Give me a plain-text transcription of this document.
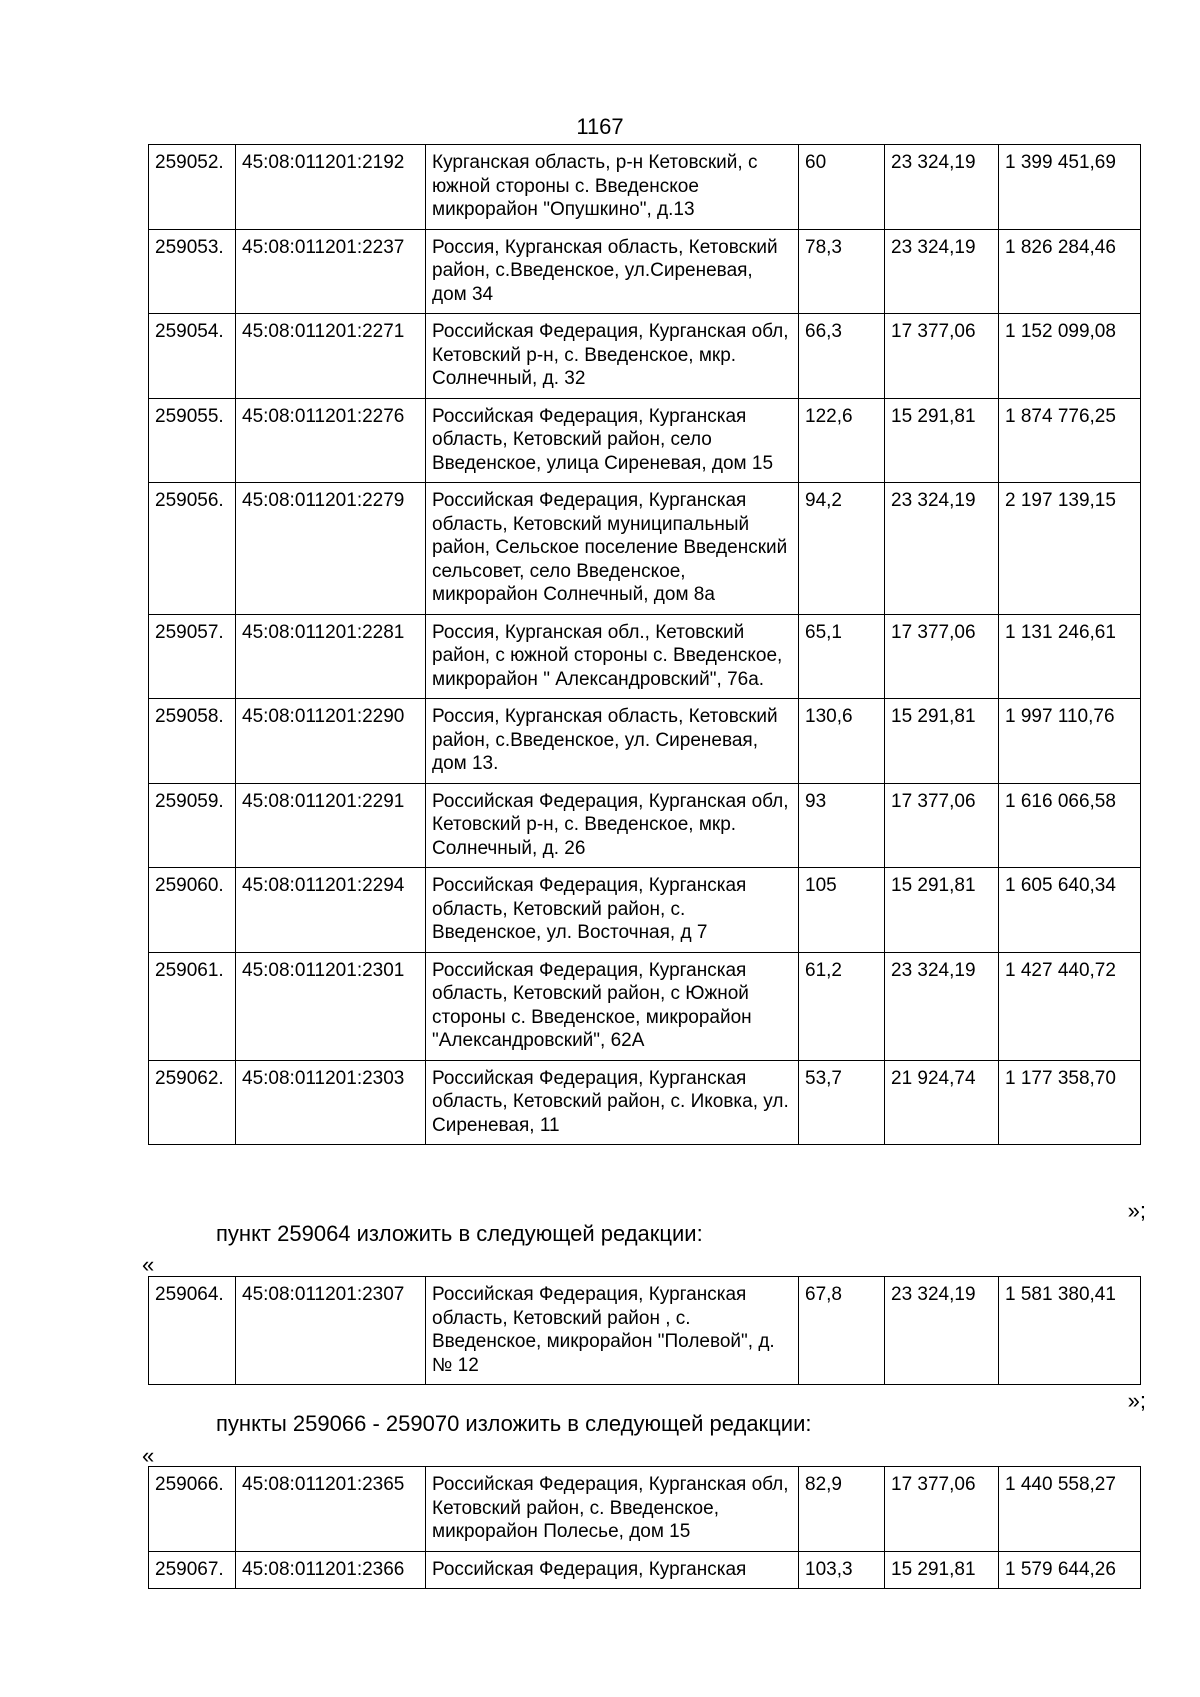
1167
259052.	45:08:011201:2192	Курганская область, р-н Кетовский, с южной стороны с. Введенское микрорайон "Опушкино", д.13	60	23 324,19	1 399 451,69
259053.	45:08:011201:2237	Россия, Курганская область, Кетовский район, с.Введенское, ул.Сиреневая, дом 34	78,3	23 324,19	1 826 284,46
259054.	45:08:011201:2271	Российская Федерация, Курганская обл, Кетовский р-н, с. Введенское, мкр. Солнечный, д. 32	66,3	17 377,06	1 152 099,08
259055.	45:08:011201:2276	Российская Федерация, Курганская область, Кетовский район, село Введенское, улица Сиреневая, дом 15	122,6	15 291,81	1 874 776,25
259056.	45:08:011201:2279	Российская Федерация, Курганская область, Кетовский муниципальный район, Сельское поселение Введенский сельсовет, село Введенское, микрорайон Солнечный, дом 8а	94,2	23 324,19	2 197 139,15
259057.	45:08:011201:2281	Россия, Курганская обл., Кетовский район, с южной стороны с. Введенское, микрорайон " Александровский", 76а.	65,1	17 377,06	1 131 246,61
259058.	45:08:011201:2290	Россия, Курганская область, Кетовский район, с.Введенское, ул. Сиреневая, дом 13.	130,6	15 291,81	1 997 110,76
259059.	45:08:011201:2291	Российская Федерация, Курганская обл, Кетовский р-н, с. Введенское, мкр. Солнечный, д. 26	93	17 377,06	1 616 066,58
259060.	45:08:011201:2294	Российская Федерация, Курганская область, Кетовский район, с. Введенское, ул. Восточная, д 7	105	15 291,81	1 605 640,34
259061.	45:08:011201:2301	Российская Федерация, Курганская область, Кетовский район, с Южной стороны с. Введенское, микрорайон "Александровский", 62А	61,2	23 324,19	1 427 440,72
259062.	45:08:011201:2303	Российская Федерация, Курганская область, Кетовский район, с. Иковка, ул. Сиреневая, 11	53,7	21 924,74	1 177 358,70
»;
пункт 259064 изложить в следующей редакции:
«
259064.	45:08:011201:2307	Российская Федерация, Курганская область, Кетовский район , с. Введенское, микрорайон "Полевой", д. № 12	67,8	23 324,19	1 581 380,41
»;
пункты 259066 - 259070 изложить в следующей редакции:
«
259066.	45:08:011201:2365	Российская Федерация, Курганская обл, Кетовский район, с. Введенское, микрорайон Полесье, дом 15	82,9	17 377,06	1 440 558,27
259067.	45:08:011201:2366	Российская Федерация, Курганская	103,3	15 291,81	1 579 644,26
